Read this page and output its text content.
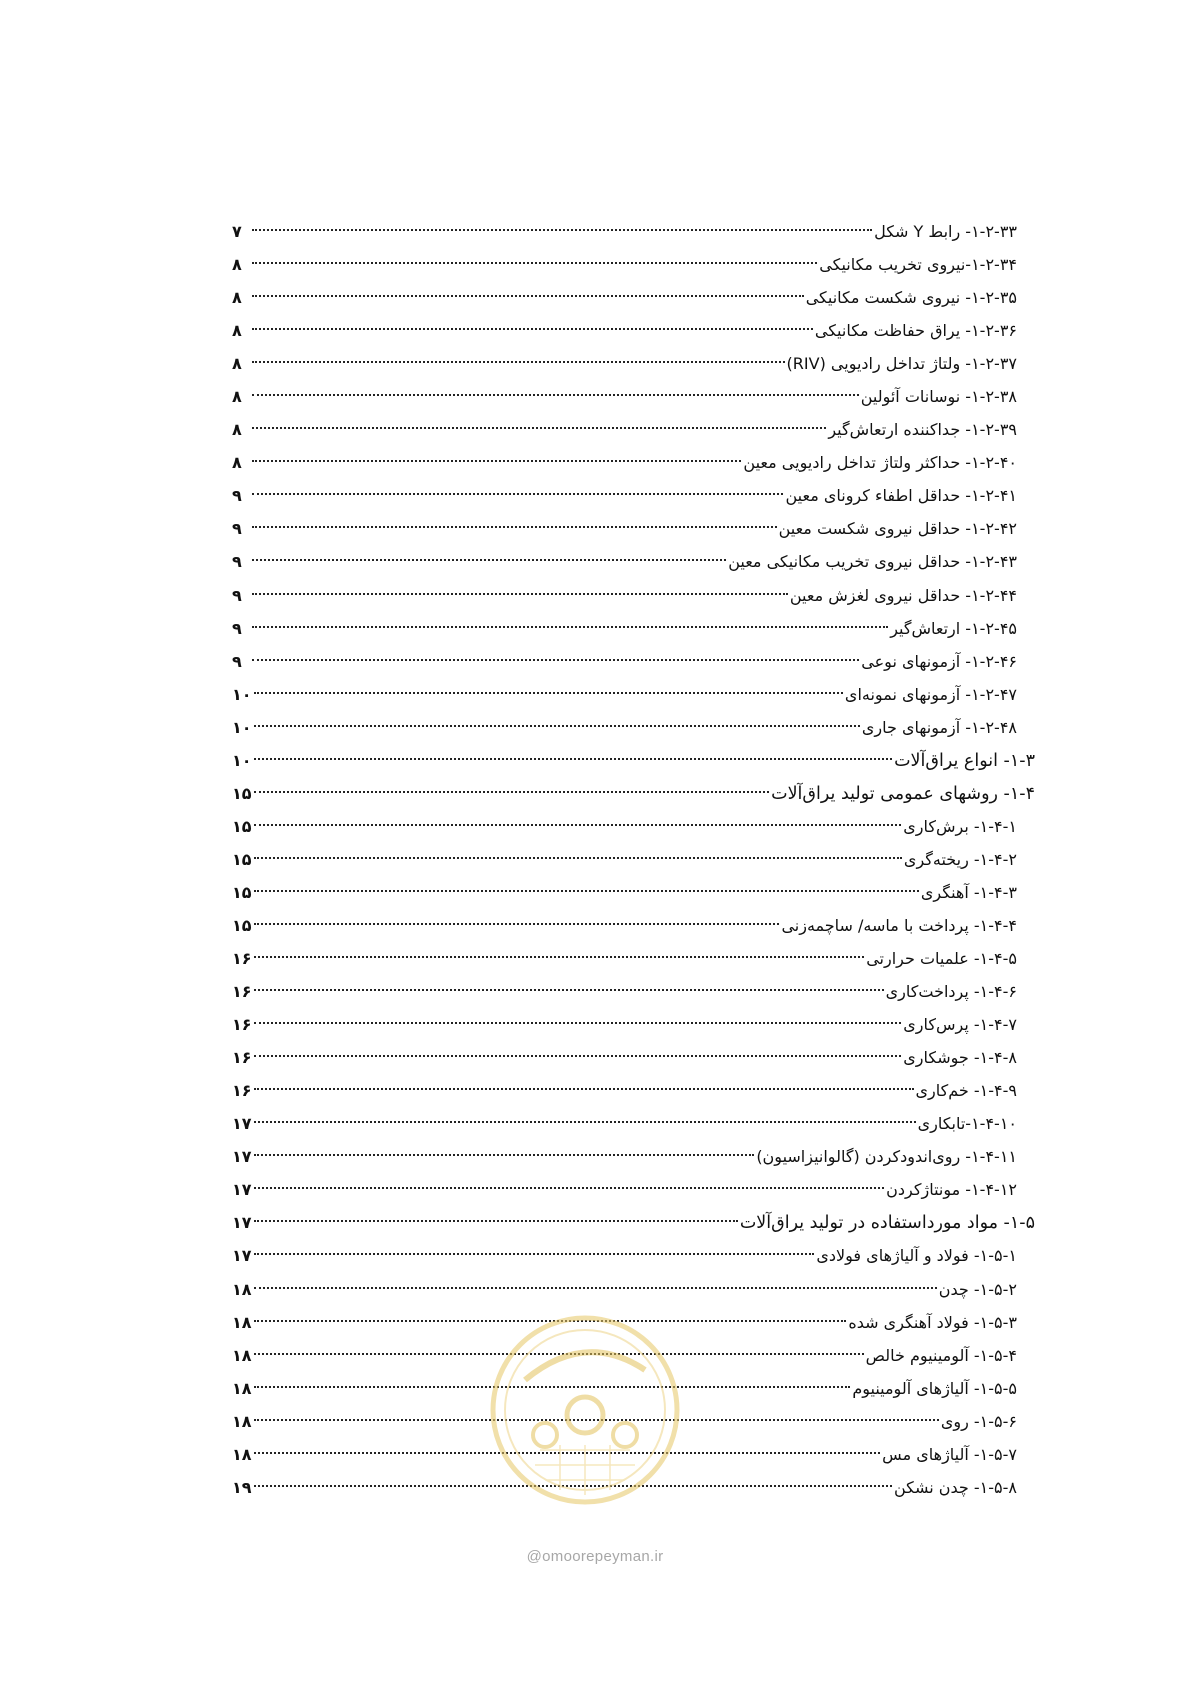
۱-۲-۳۳- رابط Y شکل
۷
۱-۲-۳۴-نیروی تخریب مکانیکی
۸
۱-۲-۳۵- نیروی شکست مکانیکی
۸
۱-۲-۳۶- یراق حفاظت مکانیکی
۸
۱-۲-۳۷- ولتاژ تداخل رادیویی (RIV)
۸
۱-۲-۳۸- نوسانات آئولین
۸
۱-۲-۳۹- جداکننده ارتعاش‌گیر
۸
۱-۲-۴۰- حداکثر ولتاژ تداخل رادیویی معین
۸
۱-۲-۴۱- حداقل اطفاء کرونای معین
۹
۱-۲-۴۲- حداقل نیروی شکست معین
۹
۱-۲-۴۳- حداقل نیروی تخریب مکانیکی معین
۹
۱-۲-۴۴- حداقل نیروی لغزش معین
۹
۱-۲-۴۵- ارتعاش‌گیر
۹
۱-۲-۴۶- آزمونهای نوعی
۹
۱-۲-۴۷- آزمونهای نمونه‌ای
۱۰
۱-۲-۴۸- آزمونهای جاری
۱۰
۱-۳- انواع یراق‌آلات
۱۰
۱-۴- روشهای عمومی تولید یراق‌آلات
۱۵
۱-۴-۱- برش‌کاری
۱۵
۱-۴-۲- ریخته‌گری
۱۵
۱-۴-۳- آهنگری
۱۵
۱-۴-۴- پرداخت با ماسه/ ساچمه‌زنی
۱۵
۱-۴-۵- علمیات حرارتی
۱۶
۱-۴-۶- پرداخت‌کاری
۱۶
۱-۴-۷- پرس‌کاری
۱۶
۱-۴-۸- جوشکاری
۱۶
۱-۴-۹- خم‌کاری
۱۶
۱-۴-۱۰-تابکاری
۱۷
۱-۴-۱۱- روی‌اندودکردن (گالوانیزاسیون)
۱۷
۱-۴-۱۲- مونتاژکردن
۱۷
۱-۵- مواد مورداستفاده در تولید یراق‌آلات
۱۷
۱-۵-۱- فولاد و آلیاژهای فولادی
۱۷
۱-۵-۲- چدن
۱۸
۱-۵-۳- فولاد آهنگری شده
۱۸
۱-۵-۴- آلومینیوم خالص
۱۸
۱-۵-۵- آلیاژهای آلومینیوم
۱۸
۱-۵-۶- روی
۱۸
۱-۵-۷- آلیاژهای مس
۱۸
۱-۵-۸- چدن نشکن
۱۹
@omoorepeyman.ir
